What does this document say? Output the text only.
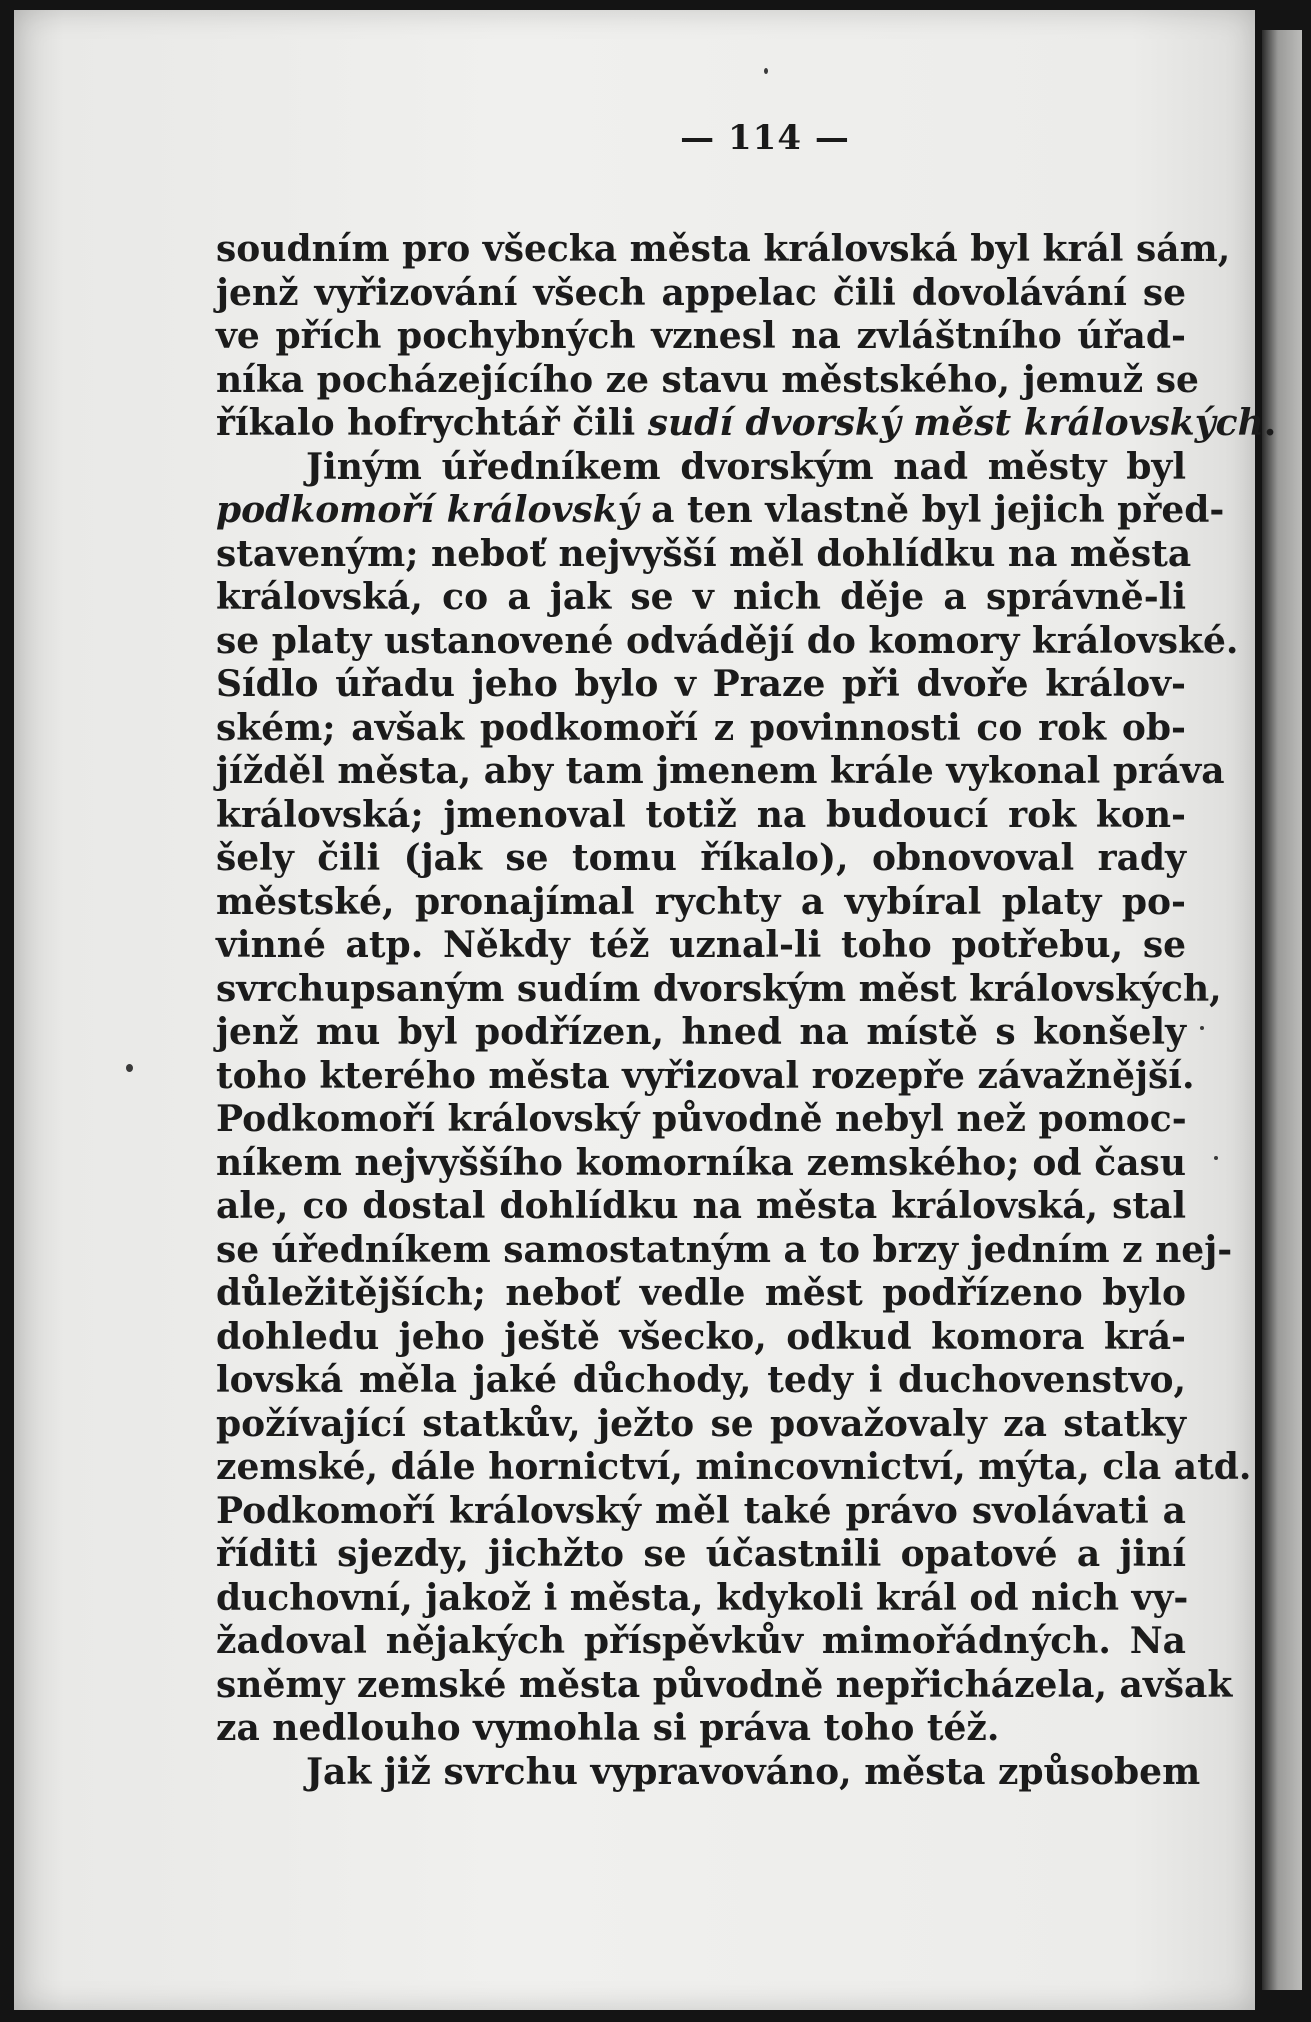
— 114 —
soudním pro všecka města královská byl král sám,
jenž vyřizování všech appelac čili dovolávání se
ve přích pochybných vznesl na zvláštního úřad-
níka pocházejícího ze stavu městského, jemuž se
říkalo hofrychtář čili sudí dvorský měst královských.
Jiným úředníkem dvorským nad městy byl
podkomoří královský a ten vlastně byl jejich před-
staveným; neboť nejvyšší měl dohlídku na města
královská, co a jak se v nich děje a správně-li
se platy ustanovené odvádějí do komory královské.
Sídlo úřadu jeho bylo v Praze při dvoře králov-
ském; avšak podkomoří z povinnosti co rok ob-
jížděl města, aby tam jmenem krále vykonal práva
královská; jmenoval totiž na budoucí rok kon-
šely čili (jak se tomu říkalo), obnovoval rady
městské, pronajímal rychty a vybíral platy po-
vinné atp. Někdy též uznal-li toho potřebu, se
svrchupsaným sudím dvorským měst královských,
jenž mu byl podřízen, hned na místě s konšely
toho kterého města vyřizoval rozepře závažnější.
Podkomoří královský původně nebyl než pomoc-
níkem nejvyššího komorníka zemského; od času
ale, co dostal dohlídku na města královská, stal
se úředníkem samostatným a to brzy jedním z nej-
důležitějších; neboť vedle měst podřízeno bylo
dohledu jeho ještě všecko, odkud komora krá-
lovská měla jaké důchody, tedy i duchovenstvo,
požívající statkův, ježto se považovaly za statky
zemské, dále hornictví, mincovnictví, mýta, cla atd.
Podkomoří královský měl také právo svolávati a
říditi sjezdy, jichžto se účastnili opatové a jiní
duchovní, jakož i města, kdykoli král od nich vy-
žadoval nějakých příspěvkův mimořádných. Na
sněmy zemské města původně nepřicházela, avšak
za nedlouho vymohla si práva toho též.
Jak již svrchu vypravováno, města způsobem
